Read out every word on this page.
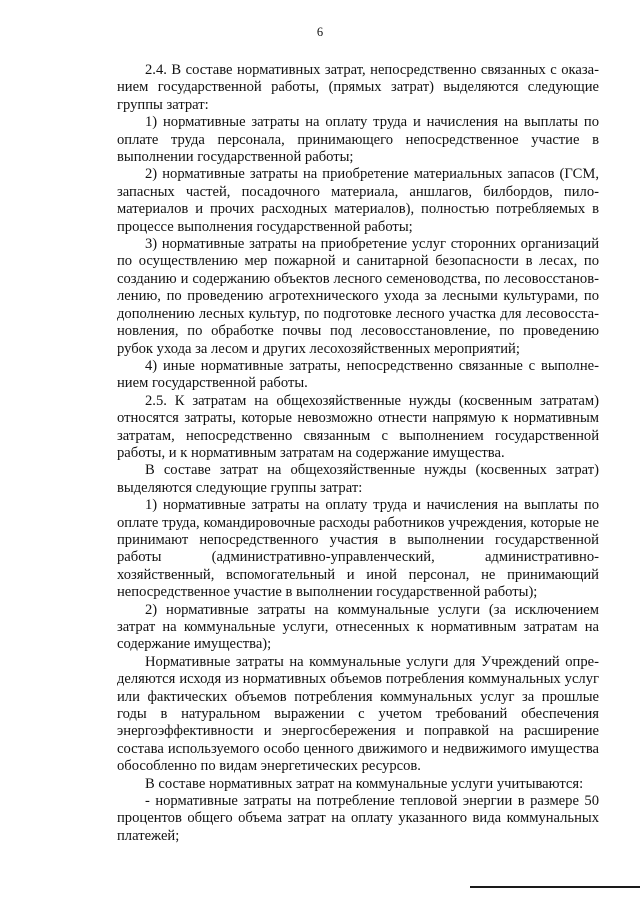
6

2.4. В составе нормативных затрат, непосредственно связанных с оказанием государственной работы, (прямых затрат) выделяются следующие группы затрат:

1) нормативные затраты на оплату труда и начисления на выплаты по оплате труда персонала, принимающего непосредственное участие в выполнении государственной работы;

2) нормативные затраты на приобретение материальных запасов (ГСМ, запасных частей, посадочного материала, аншлагов, билбордов, пиломатериалов и прочих расходных материалов), полностью потребляемых в процессе выполнения государственной работы;

3) нормативные затраты на приобретение услуг сторонних организаций по осуществлению мер пожарной и санитарной безопасности в лесах, по созданию и содержанию объектов лесного семеноводства, по лесовосстановлению, по проведению агротехнического ухода за лесными культурами, по дополнению лесных культур, по подготовке лесного участка для лесовосстановления, по обработке почвы под лесовосстановление, по проведению рубок ухода за лесом и других лесохозяйственных мероприятий;

4) иные нормативные затраты, непосредственно связанные с выполнением государственной работы.

2.5. К затратам на общехозяйственные нужды (косвенным затратам) относятся затраты, которые невозможно отнести напрямую к нормативным затратам, непосредственно связанным с выполнением государственной работы, и к нормативным затратам на содержание имущества.

В составе затрат на общехозяйственные нужды (косвенных затрат) выделяются следующие группы затрат:

1) нормативные затраты на оплату труда и начисления на выплаты по оплате труда, командировочные расходы работников учреждения, которые не принимают непосредственного участия в выполнении государственной работы (административно-управленческий, административно-хозяйственный, вспомогательный и иной персонал, не принимающий непосредственное участие в выполнении государственной работы);

2) нормативные затраты на коммунальные услуги (за исключением затрат на коммунальные услуги, отнесенных к нормативным затратам на содержание имущества);

Нормативные затраты на коммунальные услуги для Учреждений определяются исходя из нормативных объемов потребления коммунальных услуг или фактических объемов потребления коммунальных услуг за прошлые годы в натуральном выражении с учетом требований обеспечения энергоэффективности и энергосбережения и поправкой на расширение состава используемого особо ценного движимого и недвижимого имущества обособленно по видам энергетических ресурсов.

В составе нормативных затрат на коммунальные услуги учитываются:

- нормативные затраты на потребление тепловой энергии в размере 50 процентов общего объема затрат на оплату указанного вида коммунальных платежей;
